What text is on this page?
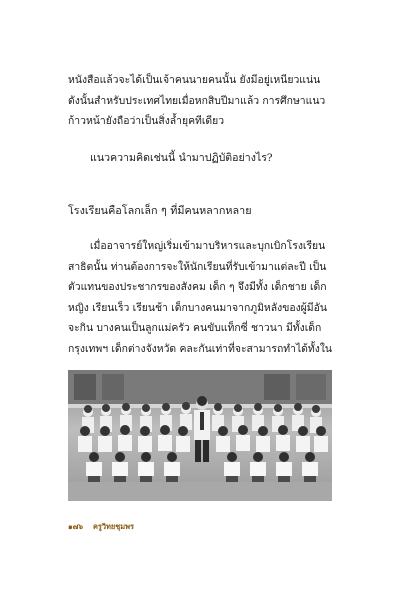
หนังสือแล้วจะได้เป็นเจ้าคนนายคนนั้น ยังมีอยู่เหนียวแน่น
ดังนั้นสำหรับประเทศไทยเมื่อหกสิบปีมาแล้ว การศึกษาแนว
ก้าวหน้ายังถือว่าเป็นสิ่งล้ำยุคทีเดียว
แนวความคิดเช่นนี้ นำมาปฏิบัติอย่างไร?
โรงเรียนคือโลกเล็ก ๆ ที่มีคนหลากหลาย
เมื่ออาจารย์ใหญ่เริ่มเข้ามาบริหารและบุกเบิกโรงเรียน
สาธิตนั้น ท่านต้องการจะให้นักเรียนที่รับเข้ามาแต่ละปี เป็น
ตัวแทนของประชากรของสังคม เด็ก ๆ จึงมีทั้ง เด็กชาย เด็ก
หญิง เรียนเร็ว เรียนช้า เด็กบางคนมาจากภูมิหลังของผู้มีอัน
จะกิน บางคนเป็นลูกแม่ครัว คนขับแท็กซี่ ชาวนา มีทั้งเด็ก
กรุงเทพฯ เด็กต่างจังหวัด คละกันเท่าที่จะสามารถทำได้ทั้งใน
๑๗๖ ครูวิทยชุมพร
